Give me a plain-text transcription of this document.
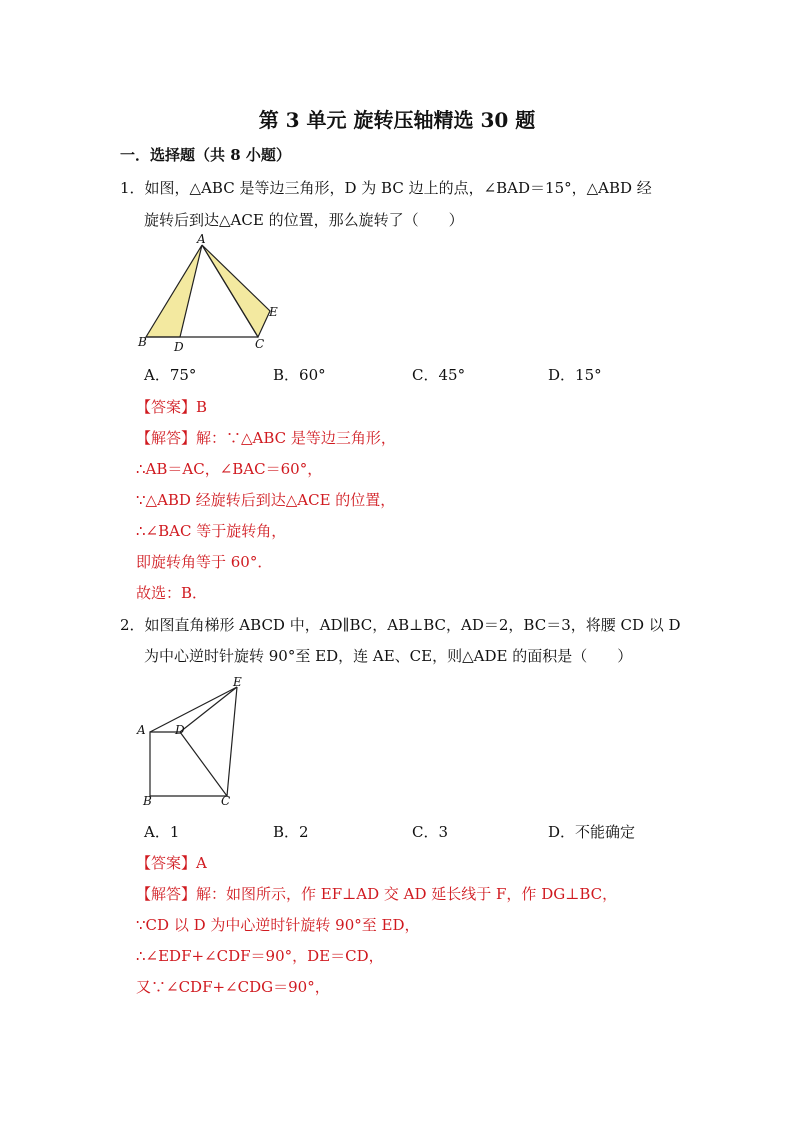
第 3 单元 旋转压轴精选 30 题
一．选择题（共 8 小题）
1．如图，△ABC 是等边三角形，D 为 BC 边上的点，∠BAD＝15°，△ABD 经
旋转后到达△ACE 的位置，那么旋转了（　　）
A
B D	C
E
A．75°	B．60°	C．45°	D．15°
【答案】B
【解答】解：∵△ABC 是等边三角形，
∴AB＝AC，∠BAC＝60°，
∵△ABD 经旋转后到达△ACE 的位置，
∴∠BAC 等于旋转角，
即旋转角等于 60°．
故选：B．
2．如图直角梯形 ABCD 中，AD∥BC，AB⊥BC，AD＝2，BC＝3，将腰 CD 以 D
为中心逆时针旋转 90°至 ED，连 AE、CE，则△ADE 的面积是（　　）
E
A D
B	C
A．1	B．2	C．3	D．不能确定
【答案】A
【解答】解：如图所示，作 EF⊥AD 交 AD 延长线于 F，作 DG⊥BC，
∵CD 以 D 为中心逆时针旋转 90°至 ED，
∴∠EDF+∠CDF＝90°，DE＝CD，
又∵∠CDF+∠CDG＝90°，
